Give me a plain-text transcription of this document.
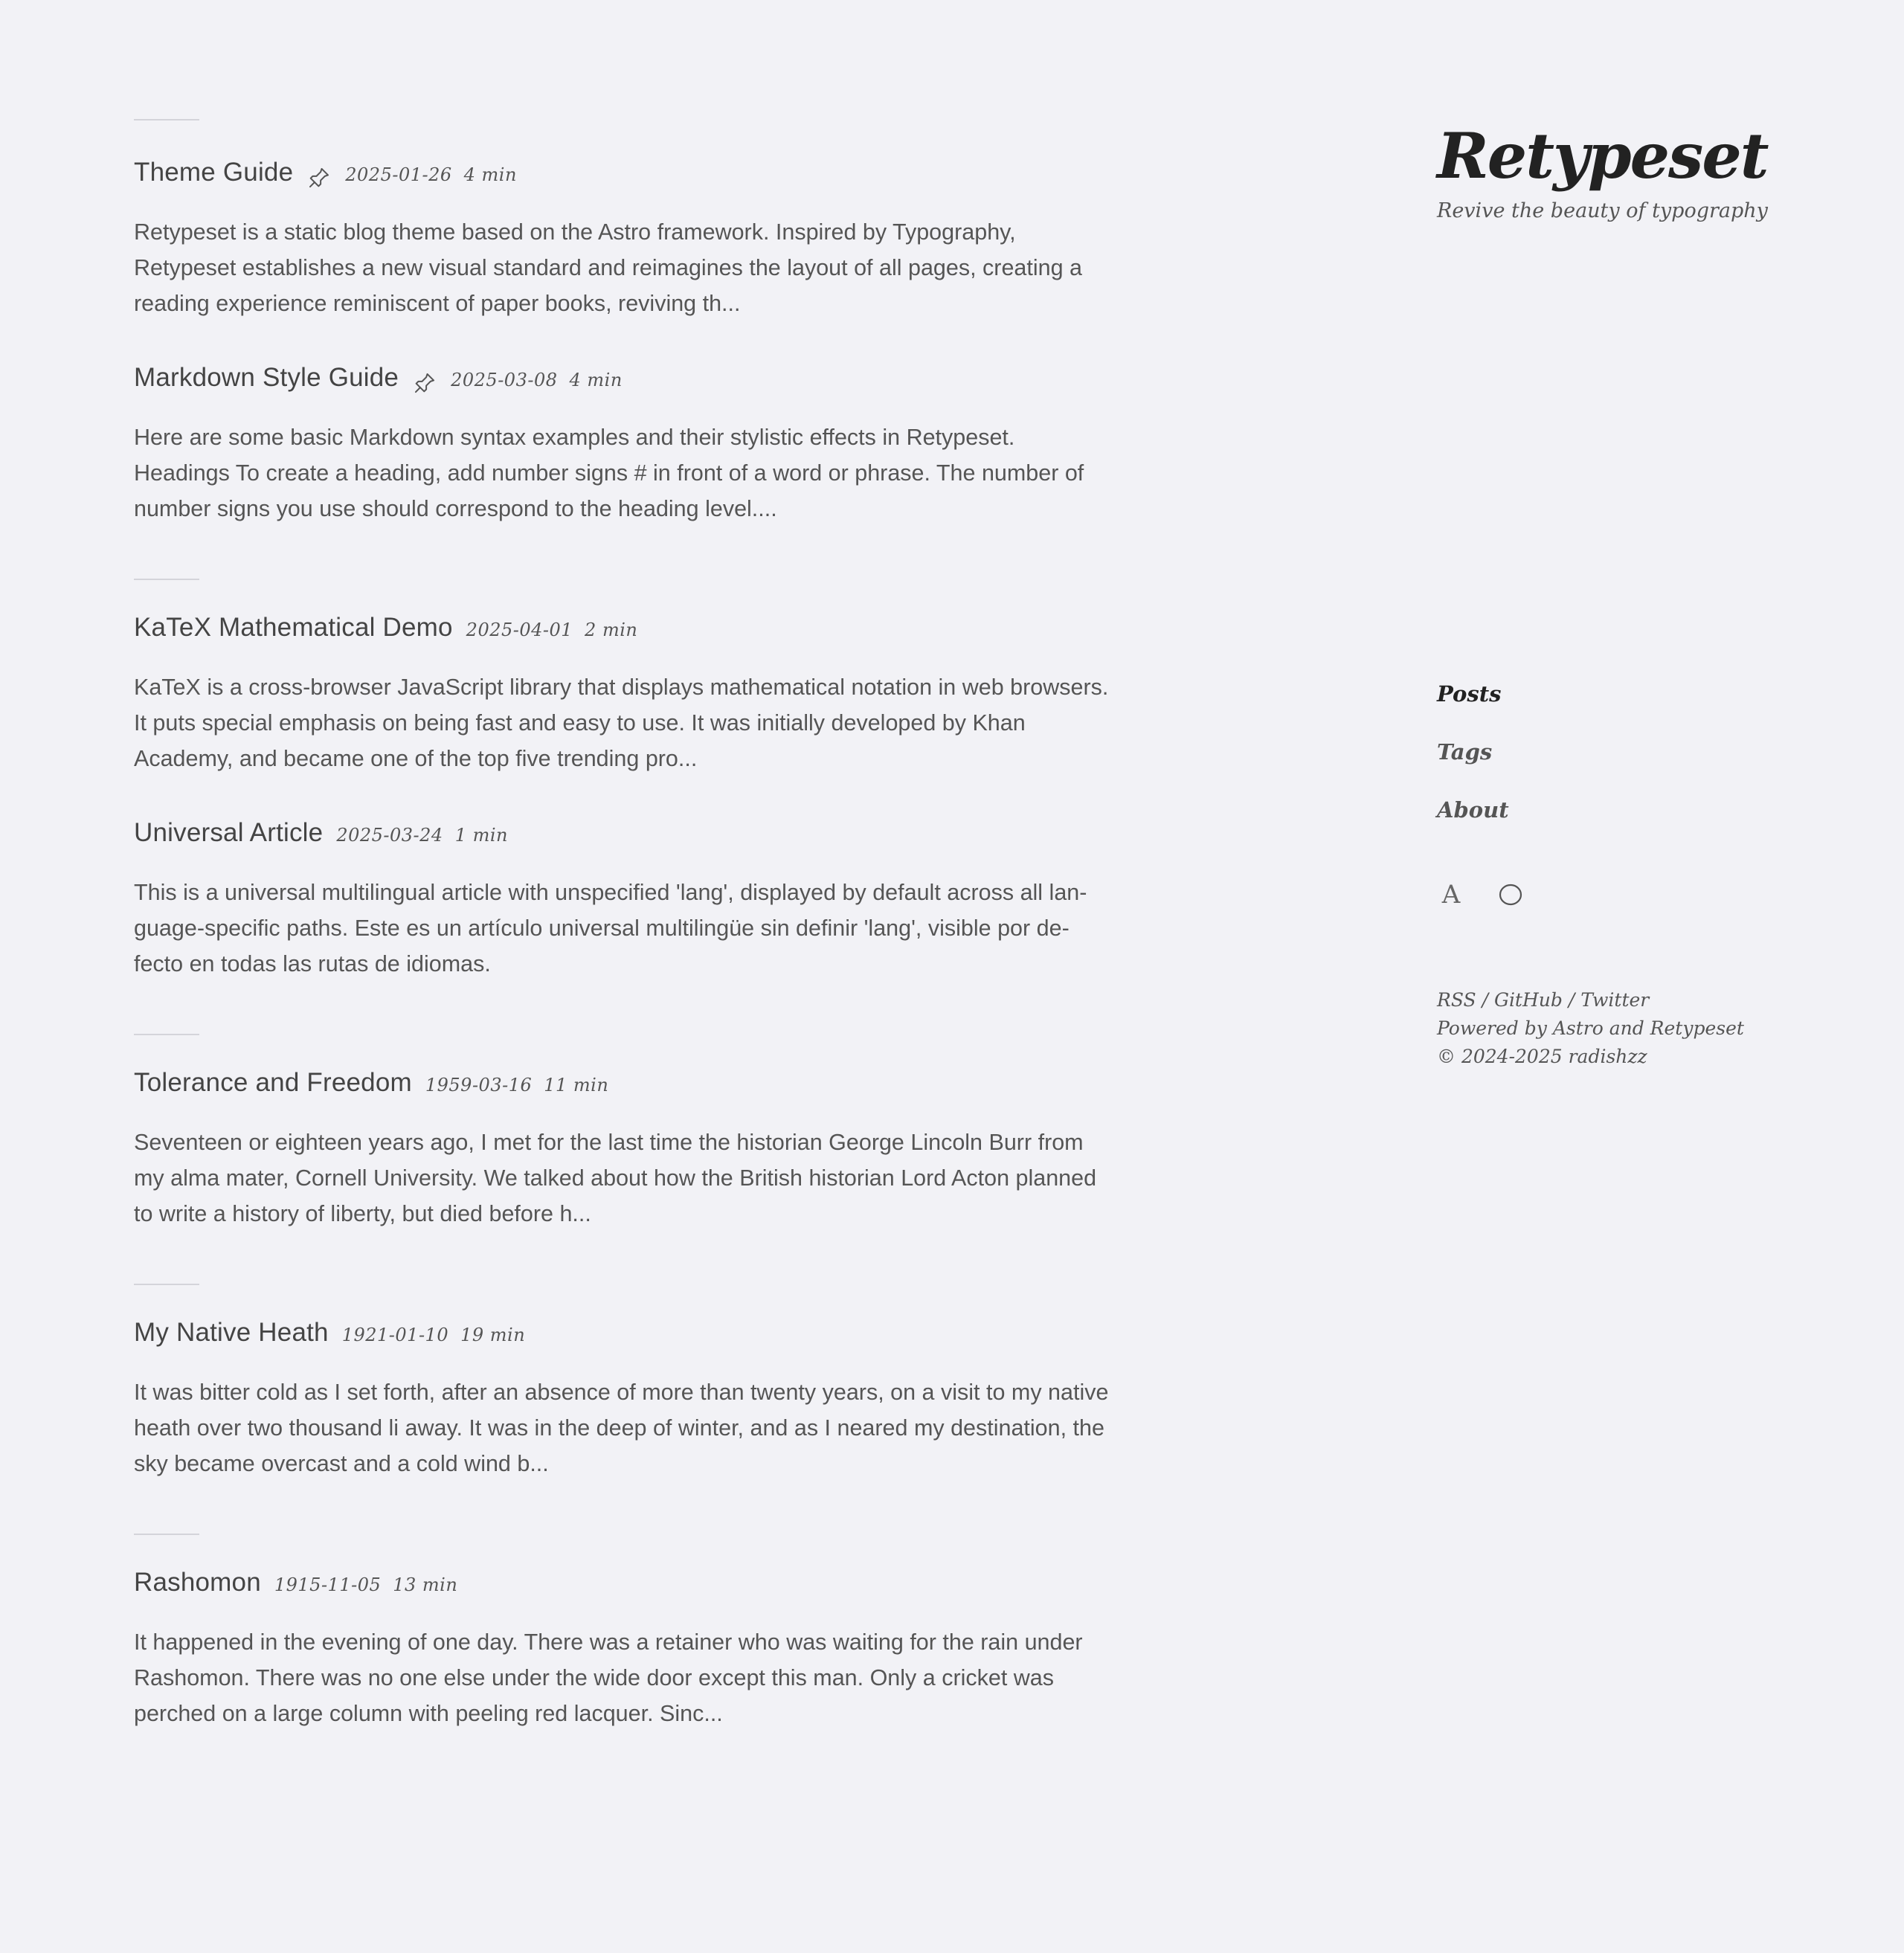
Theme Guide	2025-01-26 4 min
Retypeset is a static blog theme based on the Astro framework. Inspired by Typography,
Retypeset establishes a new visual standard and reimagines the layout of all pages, creating a
reading experience reminiscent of paper books, reviving th...
Markdown Style Guide	2025-03-08 4 min
Here are some basic Markdown syntax examples and their stylistic effects in Retypeset.
Headings To create a heading, add number signs # in front of a word or phrase. The number of
number signs you use should correspond to the heading level....
KaTeX Mathematical Demo 2025-04-01 2 min
KaTeX is a cross-browser JavaScript library that displays mathematical notation in web browsers.
It puts special emphasis on being fast and easy to use. It was initially developed by Khan
Academy, and became one of the top five trending pro...
Universal Article 2025-03-24 1 min
This is a universal multilingual article with unspecified 'lang', displayed by default across all lan-
guage-specific paths. Este es un artículo universal multilingüe sin definir 'lang', visible por de-
fecto en todas las rutas de idiomas.
Tolerance and Freedom 1959-03-16 11 min
Seventeen or eighteen years ago, I met for the last time the historian George Lincoln Burr from
my alma mater, Cornell University. We talked about how the British historian Lord Acton planned
to write a history of liberty, but died before h...
My Native Heath 1921-01-10 19 min
It was bitter cold as I set forth, after an absence of more than twenty years, on a visit to my native
heath over two thousand li away. It was in the deep of winter, and as I neared my destination, the
sky became overcast and a cold wind b...
Rashomon 1915-11-05 13 min
It happened in the evening of one day. There was a retainer who was waiting for the rain under
Rashomon. There was no one else under the wide door except this man. Only a cricket was
perched on a large column with peeling red lacquer. Sinc...
Retypeset
Revive the beauty of typography
Posts
Tags
About
A
RSS / GitHub / Twitter
Powered by Astro and Retypeset
© 2024-2025 radishzz
